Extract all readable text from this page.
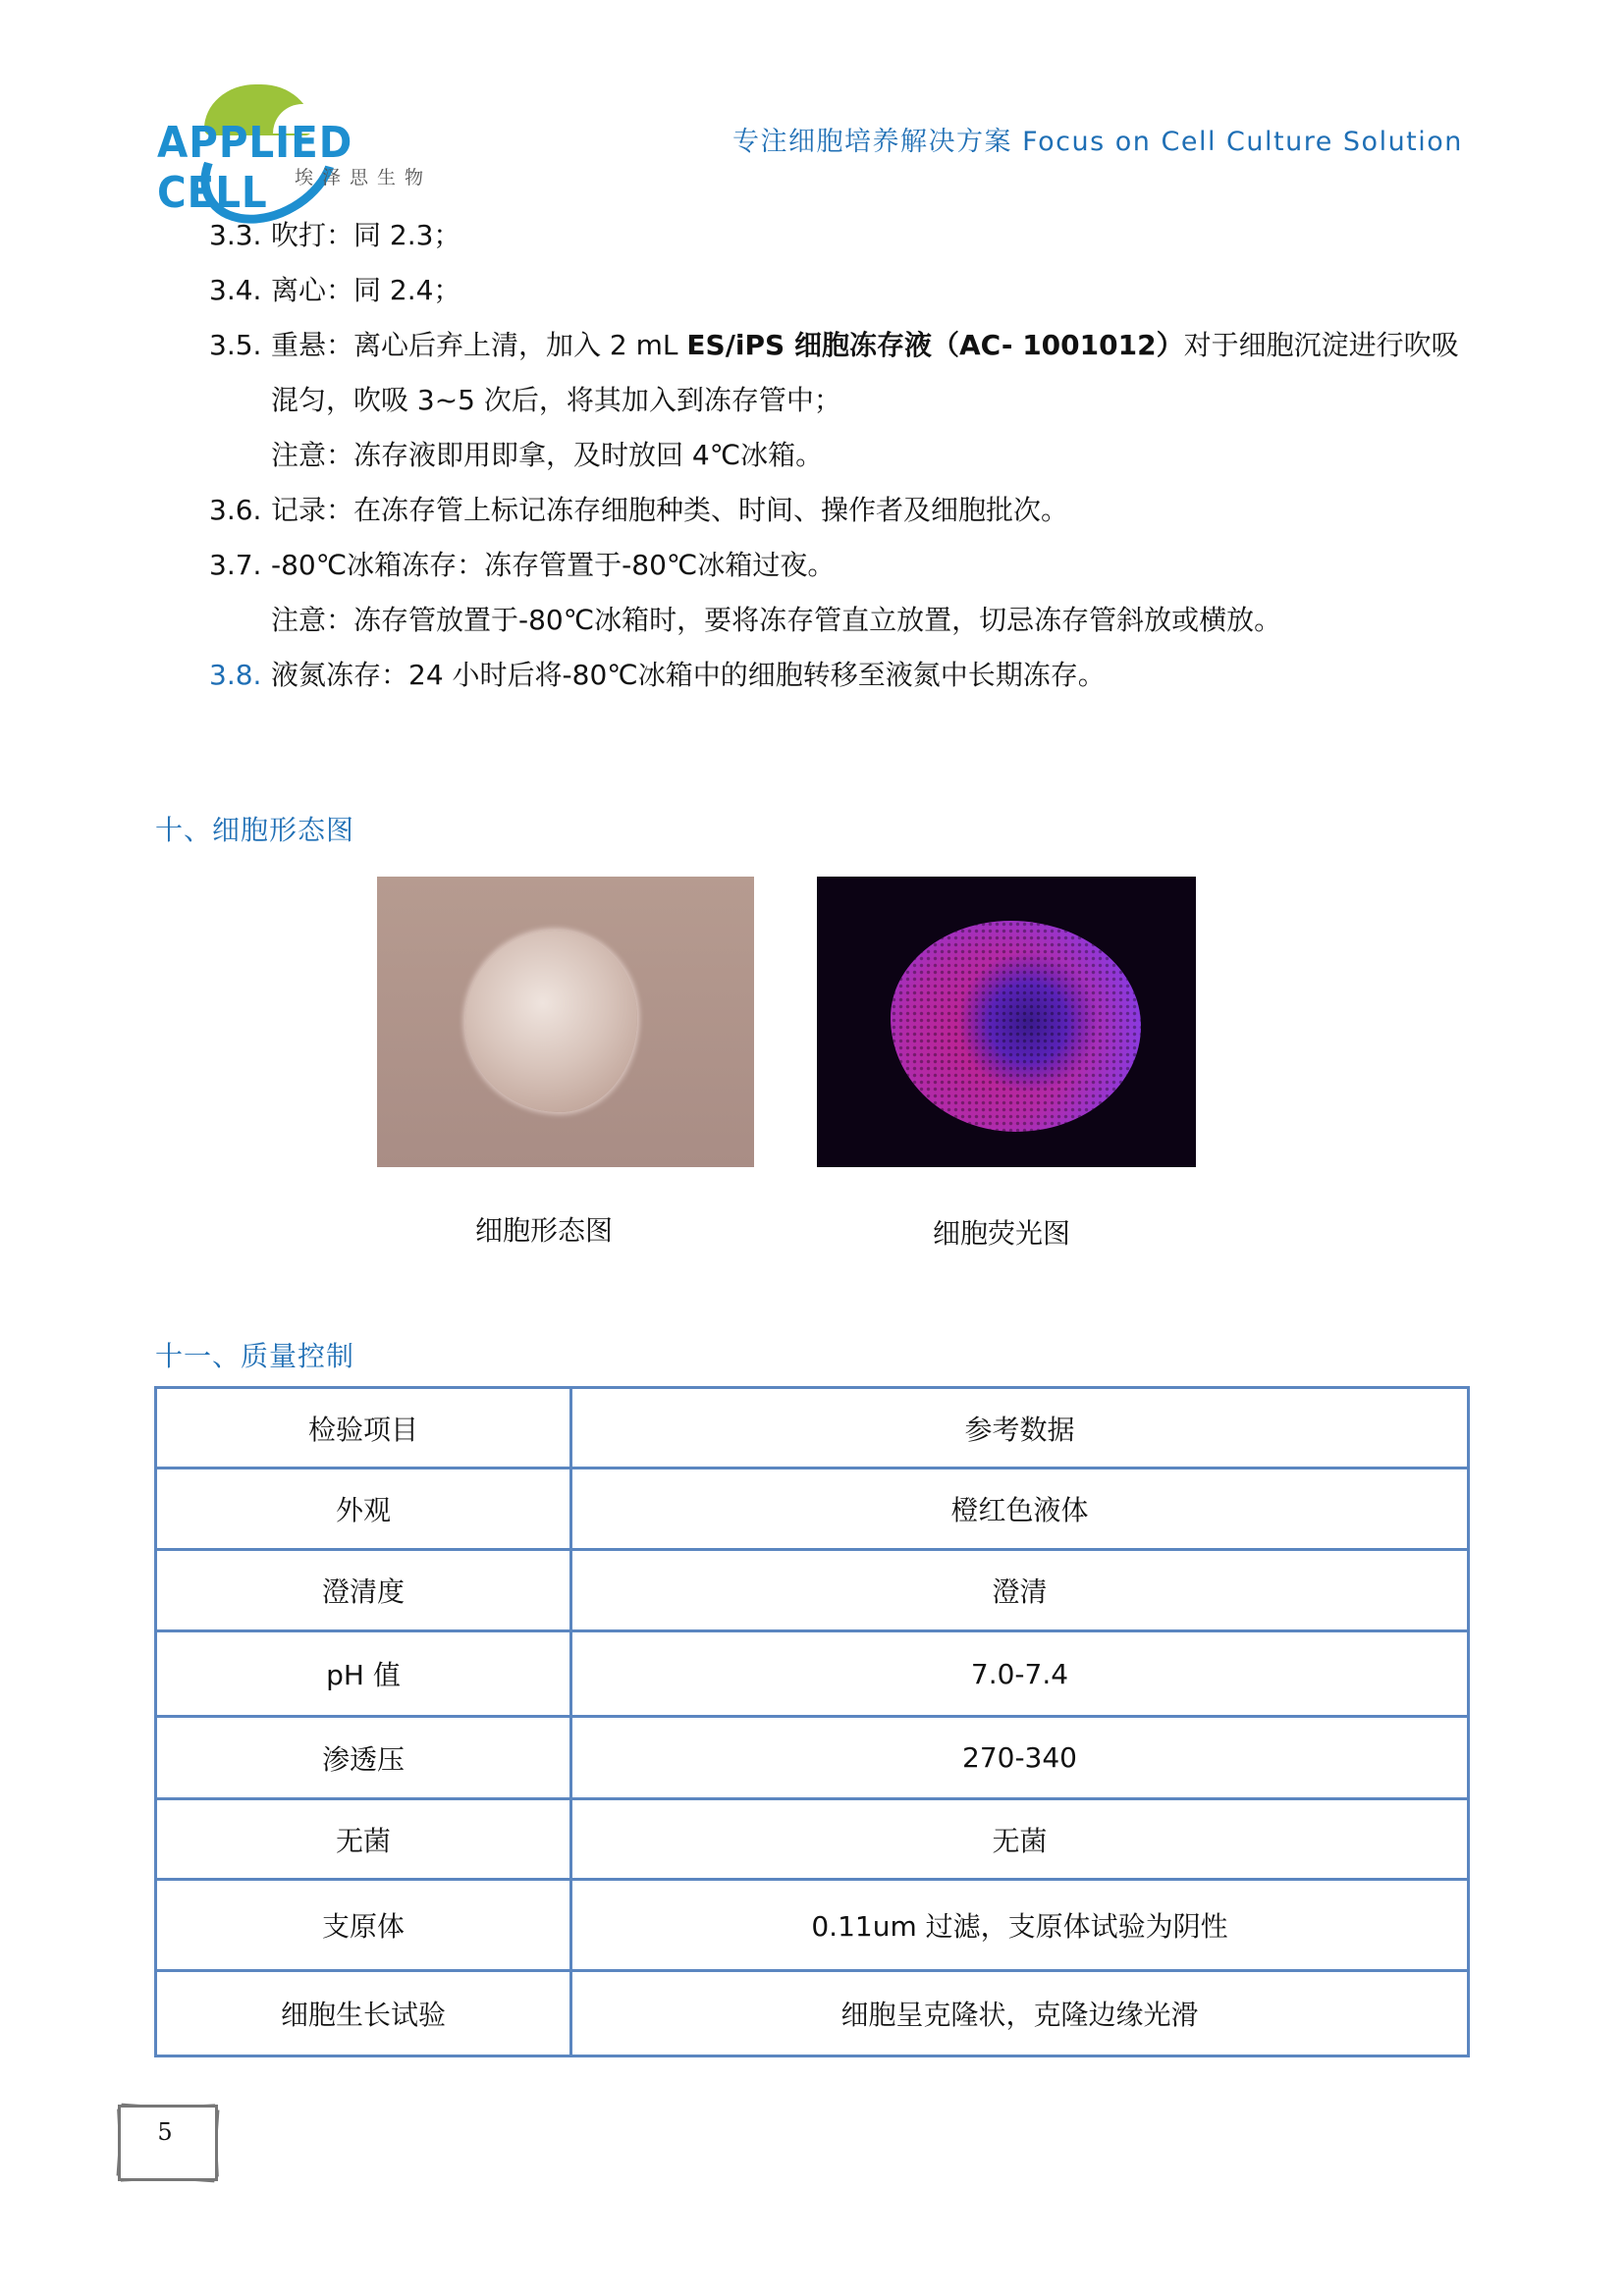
APPLIED CELL	埃泽思生物
专注细胞培养解决方案 Focus on Cell Culture Solution
3.3. 吹打：同 2.3；
3.4. 离心：同 2.4；
3.5. 重悬：离心后弃上清，加入 2 mL ES/iPS 细胞冻存液（AC- 1001012）对于细胞沉淀进行吹吸
混匀，吹吸 3~5 次后，将其加入到冻存管中；
注意：冻存液即用即拿，及时放回 4℃冰箱。
3.6. 记录：在冻存管上标记冻存细胞种类、时间、操作者及细胞批次。
3.7. -80℃冰箱冻存：冻存管置于-80℃冰箱过夜。
注意：冻存管放置于-80℃冰箱时，要将冻存管直立放置，切忌冻存管斜放或横放。
3.8. 液氮冻存：24 小时后将-80℃冰箱中的细胞转移至液氮中长期冻存。
十、细胞形态图
细胞形态图	细胞荧光图
十一、质量控制
检验项目	参考数据
外观	橙红色液体
澄清度	澄清
pH 值	7.0-7.4
渗透压	270-340
无菌	无菌
支原体	0.11um 过滤，支原体试验为阴性
细胞生长试验	细胞呈克隆状，克隆边缘光滑
5
